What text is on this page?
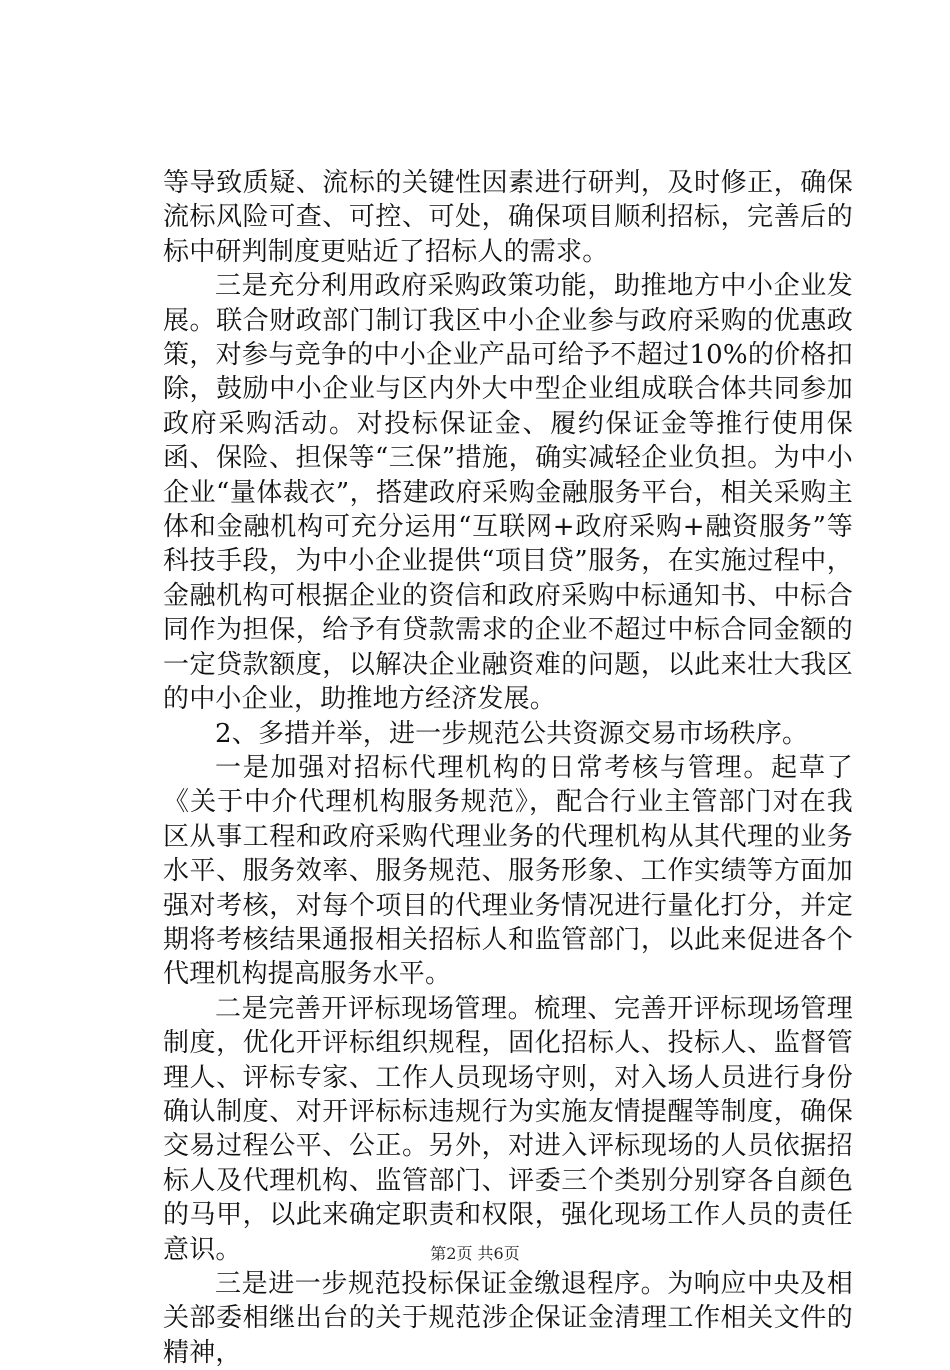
等导致质疑、流标的关键性因素进行研判，及时修正，确保流标风险可查、可控、可处，确保项目顺利招标，完善后的标中研判制度更贴近了招标人的需求。

三是充分利用政府采购政策功能，助推地方中小企业发展。联合财政部门制订我区中小企业参与政府采购的优惠政策，对参与竞争的中小企业产品可给予不超过10%的价格扣除，鼓励中小企业与区内外大中型企业组成联合体共同参加政府采购活动。对投标保证金、履约保证金等推行使用保函、保险、担保等“三保”措施，确实减轻企业负担。为中小企业“量体裁衣”，搭建政府采购金融服务平台，相关采购主体和金融机构可充分运用“互联网+政府采购+融资服务”等科技手段，为中小企业提供“项目贷”服务，在实施过程中，金融机构可根据企业的资信和政府采购中标通知书、中标合同作为担保，给予有贷款需求的企业不超过中标合同金额的一定贷款额度，以解决企业融资难的问题，以此来壮大我区的中小企业，助推地方经济发展。

2、多措并举，进一步规范公共资源交易市场秩序。

一是加强对招标代理机构的日常考核与管理。起草了《关于中介代理机构服务规范》，配合行业主管部门对在我区从事工程和政府采购代理业务的代理机构从其代理的业务水平、服务效率、服务规范、服务形象、工作实绩等方面加强对考核，对每个项目的代理业务情况进行量化打分，并定期将考核结果通报相关招标人和监管部门，以此来促进各个代理机构提高服务水平。

二是完善开评标现场管理。梳理、完善开评标现场管理制度，优化开评标组织规程，固化招标人、投标人、监督管理人、评标专家、工作人员现场守则，对入场人员进行身份确认制度、对开评标标违规行为实施友情提醒等制度，确保交易过程公平、公正。另外，对进入评标现场的人员依据招标人及代理机构、监管部门、评委三个类别分别穿各自颜色的马甲，以此来确定职责和权限，强化现场工作人员的责任意识。

三是进一步规范投标保证金缴退程序。为响应中央及相关部委相继出台的关于规范涉企保证金清理工作相关文件的精神，

第2页 共6页
